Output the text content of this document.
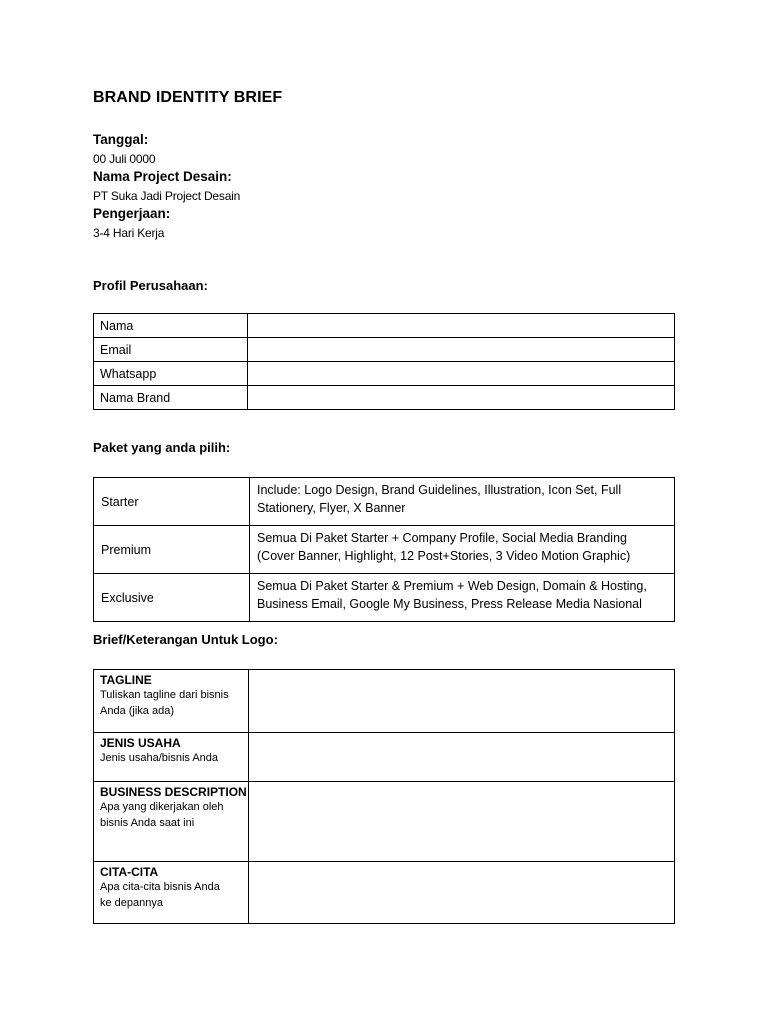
BRAND IDENTITY BRIEF
Tanggal:
00 Juli 0000
Nama Project Desain:
PT Suka Jadi Project Desain
Pengerjaan:
3-4 Hari Kerja
Profil Perusahaan:
Nama	
Email	
Whatsapp	
Nama Brand	
Paket yang anda pilih:
Starter	Include: Logo Design, Brand Guidelines, Illustration, Icon Set, Full Stationery, Flyer, X Banner
Premium	Semua Di Paket Starter + Company Profile, Social Media Branding (Cover Banner, Highlight, 12 Post+Stories, 3 Video Motion Graphic)
Exclusive	Semua Di Paket Starter & Premium + Web Design, Domain & Hosting, Business Email, Google My Business, Press Release Media Nasional
Brief/Keterangan Untuk Logo:
TAGLINE
Tuliskan tagline dari bisnis Anda (jika ada)	

JENIS USAHA
Jenis usaha/bisnis Anda	

BUSINESS DESCRIPTION
Apa yang dikerjakan oleh bisnis Anda saat ini	

CITA-CITA
Apa cita-cita bisnis Anda ke depannya	
